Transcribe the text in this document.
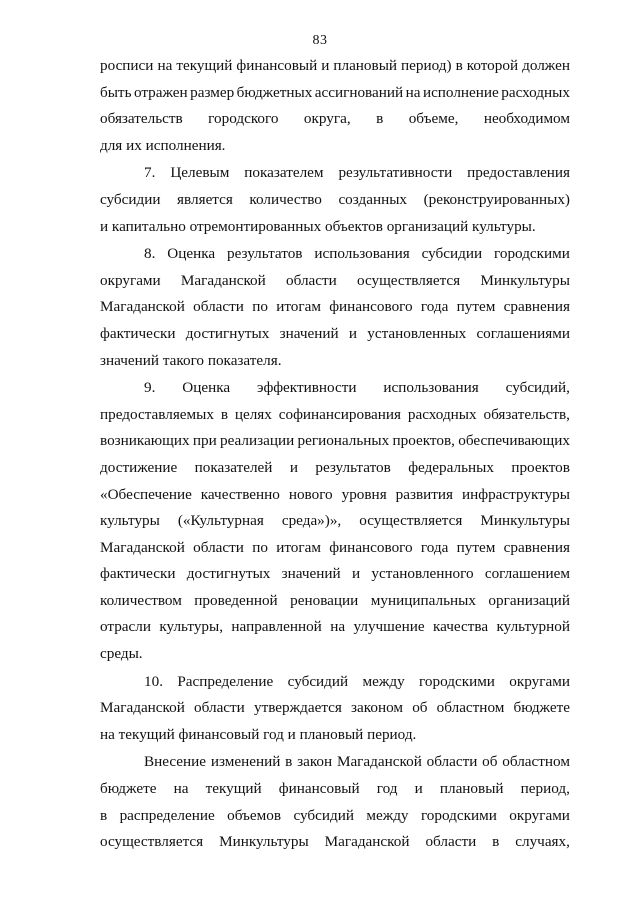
83
росписи на текущий финансовый и плановый период) в которой должен
быть отражен размер бюджетных ассигнований на исполнение расходных
обязательств городского округа, в объеме, необходимом
для их исполнения.
7. Целевым показателем результативности предоставления
субсидии является количество созданных (реконструированных)
и капитально отремонтированных объектов организаций культуры.
8. Оценка результатов использования субсидии городскими
округами Магаданской области осуществляется Минкультуры
Магаданской области по итогам финансового года путем сравнения
фактически достигнутых значений и установленных соглашениями
значений такого показателя.
9. Оценка эффективности использования субсидий,
предоставляемых в целях софинансирования расходных обязательств,
возникающих при реализации региональных проектов, обеспечивающих
достижение показателей и результатов федеральных проектов
«Обеспечение качественно нового уровня развития инфраструктуры
культуры («Культурная среда»)», осуществляется Минкультуры
Магаданской области по итогам финансового года путем сравнения
фактически достигнутых значений и установленного соглашением
количеством проведенной реновации муниципальных организаций
отрасли культуры, направленной на улучшение качества культурной
среды.
10. Распределение субсидий между городскими округами
Магаданской области утверждается законом об областном бюджете
на текущий финансовый год и плановый период.
Внесение изменений в закон Магаданской области об областном
бюджете на текущий финансовый год и плановый период,
в распределение объемов субсидий между городскими округами
осуществляется Минкультуры Магаданской области в случаях,
